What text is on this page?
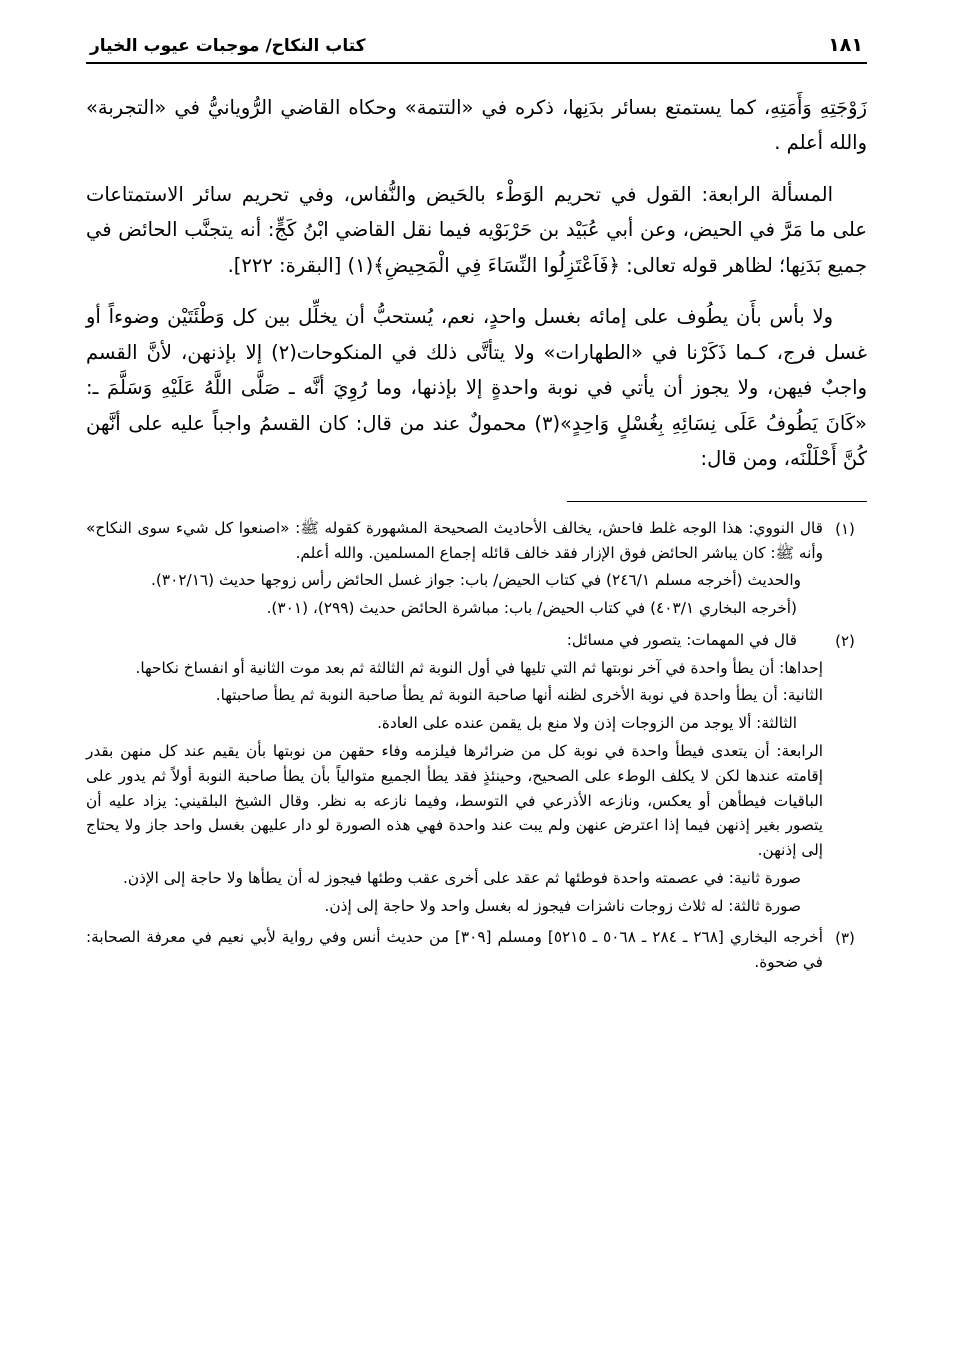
كتاب النكاح/ موجبات عيوب الخيار	١٨١

زَوْجَتِهِ وَأَمَتِهِ، كما يستمتع بسائر بدَنِها، ذكره في «التتمة» وحكاه القاضي الرُّويانيُّ في «التجربة» والله أعلم .

المسألة الرابعة: القول في تحريم الوَطْء بالحَيض والنُّفاس، وفي تحريم سائر الاستمتاعات على ما مَرَّ في الحيض، وعن أبي عُبَيْد بن حَرْبَوْيه فيما نقل القاضي ابْنُ كَجٍّ: أنه يتجنَّب الحائض في جميع بَدَنِها؛ لظاهر قوله تعالى: ﴿فَاَعْتَزِلُوا النِّسَاءَ فِي الْمَحِيضِ﴾(١) [البقرة: ٢٢٢].

ولا بأس بأَن يطُوف على إمائه بغسل واحدٍ، نعم، يُستحبُّ أن يخلِّل بين كل وَطْئَتَيْن وضوءاً أو غسل فرج، كـما ذَكَرْنا في «الطهارات» ولا يتأتَّى ذلك في المنكوحات(٢) إلا بإذنهن، لأنَّ القسم واجبٌ فيهن، ولا يجوز أن يأتي في نوبة واحدةٍ إلا بإذنها، وما رُوِيَ أنَّه ـ صَلَّى اللَّهُ عَلَيْهِ وَسَلَّمَ ـ: «كَانَ يَطُوفُ عَلَى نِسَائِهِ بِغُسْلٍ وَاحِدٍ»(٣) محمولٌ عند من قال: كان القسمُ واجباً عليه على أنَّهن كُنَّ أَحْلَلْنَه، ومن قال:

(١)

قال النووي: هذا الوجه غلط فاحش، يخالف الأحاديث الصحيحة المشهورة كقوله ﷺ: «اصنعوا كل شيء سوى النكاح» وأنه ﷺ: كان يباشر الحائض فوق الإزار فقد خالف قائله إجماع المسلمين. والله أعلم.

والحديث (أخرجه مسلم ٢٤٦/١) في كتاب الحيض/ باب: جواز غسل الحائض رأس زوجها حديث (٣٠٢/١٦).

(أخرجه البخاري ٤٠٣/١) في كتاب الحيض/ باب: مباشرة الحائض حديث (٢٩٩)، (٣٠١).

(٢)

قال في المهمات: يتصور في مسائل:

إحداها: أن يطأ واحدة في آخر نوبتها ثم التي تليها في أول النوبة ثم الثالثة ثم بعد موت الثانية أو انفساخ نكاحها.

الثانية: أن يطأ واحدة في نوبة الأخرى لظنه أنها صاحبة النوبة ثم يطأ صاحبة النوبة ثم يطأ صاحبتها.

الثالثة: ألا يوجد من الزوجات إذن ولا منع بل يقمن عنده على العادة.

الرابعة: أن يتعدى فيطأ واحدة في نوبة كل من ضرائرها فيلزمه وفاء حقهن من نوبتها بأن يقيم عند كل منهن بقدر إقامته عندها لكن لا يكلف الوطء على الصحيح، وحينئذٍ فقد يطأ الجميع متوالياً بأن يطأ صاحبة النوبة أولاً ثم يدور على الباقيات فيطأهن أو يعكس، ونازعه الأذرعي في التوسط، وفيما نازعه به نظر. وقال الشيخ البلقيني: يزاد عليه أن يتصور بغير إذنهن فيما إذا اعترض عنهن ولم يبت عند واحدة فهي هذه الصورة لو دار عليهن بغسل واحد جاز ولا يحتاج إلى إذنهن.

صورة ثانية: في عصمته واحدة فوطئها ثم عقد على أخرى عقب وطئها فيجوز له أن يطأها ولا حاجة إلى الإذن.

صورة ثالثة: له ثلاث زوجات ناشزات فيجوز له بغسل واحد ولا حاجة إلى إذن.

(٣)

أخرجه البخاري [٢٦٨ ـ ٢٨٤ ـ ٥٠٦٨ ـ ٥٢١٥] ومسلم [٣٠٩] من حديث أنس وفي رواية لأبي نعيم في معرفة الصحابة: في ضحوة.
